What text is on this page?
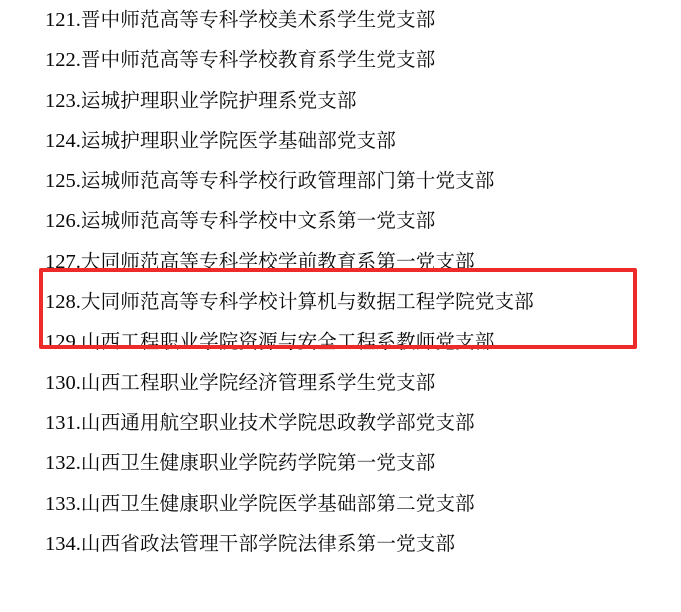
121. 晋中师范高等专科学校美术系学生党支部
122. 晋中师范高等专科学校教育系学生党支部
123. 运城护理职业学院护理系党支部
124. 运城护理职业学院医学基础部党支部
125. 运城师范高等专科学校行政管理部门第十党支部
126. 运城师范高等专科学校中文系第一党支部
127. 大同师范高等专科学校学前教育系第一党支部
128. 大同师范高等专科学校计算机与数据工程学院党支部
129. 山西工程职业学院资源与安全工程系教师党支部
130. 山西工程职业学院经济管理系学生党支部
131. 山西通用航空职业技术学院思政教学部党支部
132. 山西卫生健康职业学院药学院第一党支部
133. 山西卫生健康职业学院医学基础部第二党支部
134. 山西省政法管理干部学院法律系第一党支部
